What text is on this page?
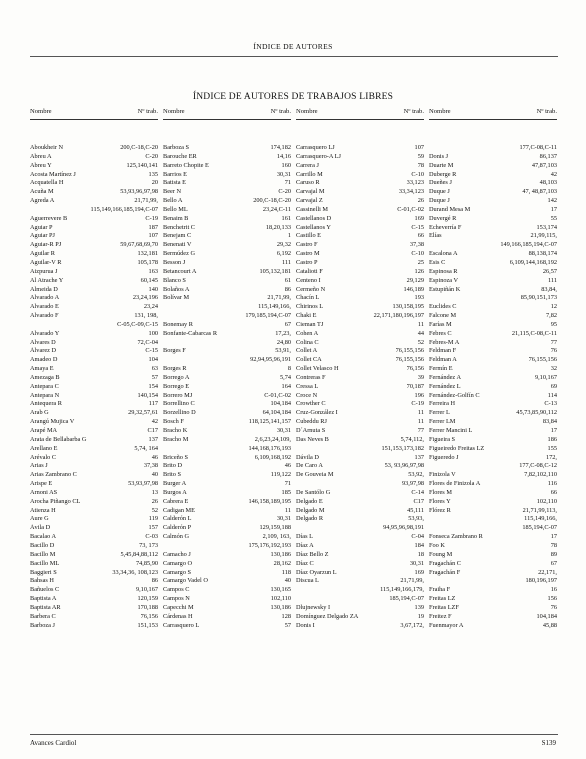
ÍNDICE DE AUTORES
ÍNDICE DE AUTORES DE TRABAJOS LIBRES
Nombre	Nº trab.
Aboukheir N	200,C-18,C-20
Abreu A	C-20
Abreu Y	125,140,141
Acosta Martínez J	135
Acquatella H	20
Acuña M	53,93,96,97,98
Agreda A	21,71,99,
115,149,166,185,194,C-07
Aguerrevere B	C-19
Aguiar P	187
Aguiar PJ	107
Aguiar-R PJ	59,67,68,69,70
Aguilar R	132,181
Aguilar-V R	105,178
Aizpurua J	163
Al Atrache Y	60,145
Almeida D	140
Alvarado A	23,24,196
Alvarado E	23,24
Alvarado F	131, 198,
C-05,C-09,C-15
Alvarado Y	100
Alvares D	72,C-04
Álvarez D	C-15
Amadeo D	104
Amaya E	63
Amezaga B	57
Antepara C	154
Antepara N	140,154
Antequera R	117
Arab G	29,32,57,61
Arangú Mujica V	42
Arapé MA	C17
Arata de Bellabarba G	137
Arellano E	5,74, 164
Arévalo C	46
Arias J	37,38
Arias Zambrano C	40
Arispe E	53,93,97,98
Arnoni AS	13
Arocha Piñango CL	26
Atienza H	52
Aure G	119
Ávila D	157
Bacalao A	C-03
Bacillo D	73, 173
Bacillo M	5,45,84,88,112
Bacillo ML	74,85,90
Baggieri S	33,34,36, 108,123
Bahsas H	86
Bañuelos C	9,10,167
Baptista A	120,159
Baptista AR	170,188
Barbera C	76,156
Barboza J	151,153
Nombre	Nº trab.
Barboza S	174,182
Barouche ER	14,16
Barreto Chopite E	160
Barrios E	30,31
Batista E	71
Beer N	C-20
Bello A	200,C-18,C-20
Bello ML	23,24,C-11
Benaim B	161
Benchetrit C	18,20,133
Benejam C	1
Benenati V	29,32
Bermúdez G	6,192
Besson J	111
Betancourt A	105,132,181
Blanco S	61
Bolaños A	86
Bolívar M	21,71,99,
115,149,166,
179,185,194,C-07
Bonemay R	67
Bonfante-Cabarcas R	17,23,
24,80
Borges F	53,91,
92,94,95,96,191
Borges R	8
Borrego A	5,74
Borrego E	164
Borrero MJ	C-01,C-02
Borrellino C	104,184
Borzellino D	64,104,184
Bosch F	118,125,141,157
Bracho K	30,31
Bracho M	2,6,23,24,109,
144,168,176,193
Briceño S	6,109,168,192
Brito D	46
Brito S	119,122
Burger A	71
Burgos A	185
Cabrera E	146,158,189,195
Cadigan ME	11
Calderón L	30,31
Calderón P	129,159,188
Calmón G	2,109, 163,
175,176,192,193
Camacho J	130,186
Camargo O	28,162
Camargo S	118
Camargo Vadel O	40
Campos C	130,165
Campos N	102,110
Capecchi M	130,186
Cárdenas H	128
Carrasquero L	57
Nombre	Nº trab.
Carrasquero LJ	107
Carrasquero-A LJ	59
Carrera J	78
Carrillo M	C-10
Caruso R	33,123
Carvajal M	33,34,123
Carvajal Z	26
Cassinelli M	C-01,C-02
Castellanos D	169
Castellanos Y	C-15
Castillo E	66
Castro F	37,38
Castro M	C-10
Castro P	25
Catalioti F	126
Centeno I	29,129
Cermeño N	146,189
Chacín L	193
Chirinos L	130,158,195
Chaki E	22,171,180,196,197
Cieman TJ	11
Cohen A	44
Colina C	52
Collet A	76,155,156
Collet CA	76,155,156
Collet Velasco H	76,156
Contreras F	39
Cressa L	70,187
Croce N	196
Crowther C	C-19
Cruz-González I	11
Cubeddu RJ	11
D´Arnuta S	77
Das Neves B	5,74,112,
151,153,173,182
Dávila D	137
De Caro A	53, 93,96,97,98
De Gouveia M	53,92,
93,97,98
De Santólo G	C-14
Delgado E	C17
Delgado M	45,111
Delgado R	53,93,
94,95,96,98,191
Días L	C-04
Díaz A	184
Díaz Bello Z	18
Díaz C	30,31
Díaz Oyarzun L	169
Discua L	21,71,99,
115,149,166,179,
185,194,C-07
Dlujnewsky I	139
Domínguez Delgado ZA	19
Donis I	3,67,172,
Nombre	Nº trab.
177,C-08,C-11
Donis J	86,137
Duarte M	47,87,103
Duberge R	42
Dueñes J	48,103
Duque J	47, 48,87,103
Duque J	142
Durand Mesa M	17
Duvergé R	55
Echeverría F	153,174
Elías	21,99,115,
149,166,185,194,C-07
Escalona A	88,138,174
Esis C	6,109,144,168,192
Espinosa R	26,57
Espinoza V	111
Estupiñán K	83,84,
85,90,151,173
Euclides C	12
Falcone M	7,82
Farías M	95
Febres C	21,115,C-08,C-11
Febres-M A	77
Feldman F	76
Feldman A	76,155,156
Fermín E	32
Fernández A	9,10,167
Fernández L	69
Fernández-Golfín C	114
Ferreira H	C-13
Ferrer L	45,73,85,90,112
Ferrer LM	83,84
Ferrer Mancini L	17
Figueira S	186
Figueiredo Freitas LZ	155
Figueredo J	172,
177,C-08,C-12
Finizola V	7,82,102,110
Flores de Finizola A	116
Flores M	66
Flores Y	102,110
Flórez R	21,71,99,113,
115,149,166,
185,194,C-07
Fonseca Zambrano R	17
Foo K	78
Foung M	89
Fragachán C	67
Fragachán F	22,171,
180,196,197
Fraiha F	16
Freitas LZ	156
Freitas LZF	76
Freitez F	104,184
Fuenmayor A	45,88
Avances Cardiol	S139
